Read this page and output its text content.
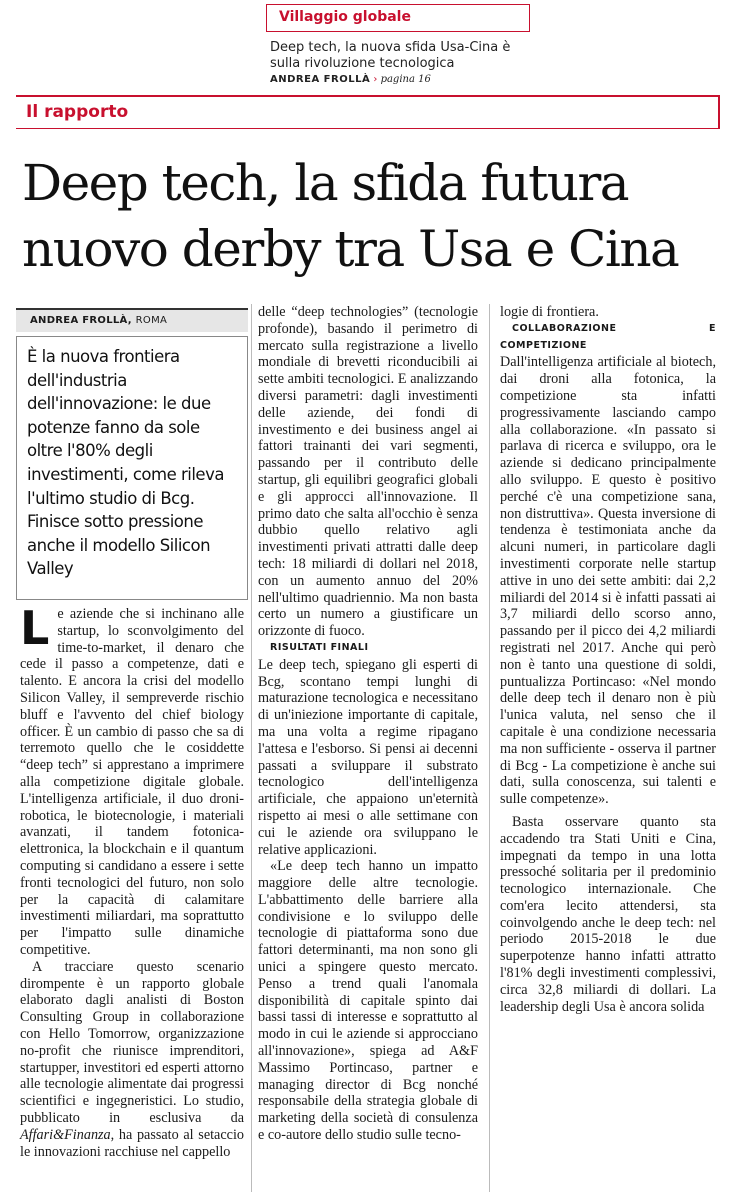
Villaggio globale
Deep tech, la nuova sfida Usa-Cina è sulla rivoluzione tecnologica
ANDREA FROLLÀ › pagina 16
Il rapporto
Deep tech, la sfida futura
nuovo derby tra Usa e Cina
ANDREA FROLLÀ, ROMA
È la nuova frontiera dell'industria dell'innovazione: le due potenze fanno da sole oltre l'80% degli investimenti, come rileva l'ultimo studio di Bcg. Finisce sotto pressione anche il modello Silicon Valley

Le aziende che si inchinano alle startup, lo sconvolgimento del time-to-market, il denaro che cede il passo a competenze, dati e talento. E ancora la crisi del modello Silicon Valley, il sempreverde rischio bluff e l'avvento del chief biology officer. È un cambio di passo che sa di terremoto quello che le cosiddette “deep tech” si apprestano a imprimere alla competizione digitale globale. L'intelligenza artificiale, il duo droni-robotica, le biotecnologie, i materiali avanzati, il tandem fotonica-elettronica, la blockchain e il quantum computing si candidano a essere i sette fronti tecnologici del futuro, non solo per la capacità di calamitare investimenti miliardari, ma soprattutto per l'impatto sulle dinamiche competitive.

A tracciare questo scenario dirompente è un rapporto globale elaborato dagli analisti di Boston Consulting Group in collaborazione con Hello Tomorrow, organizzazione no-profit che riunisce imprenditori, startupper, investitori ed esperti attorno alle tecnologie alimentate dai progressi scientifici e ingegneristici. Lo studio, pubblicato in esclusiva da Affari&Finanza, ha passato al setaccio le innovazioni racchiuse nel cappello

delle “deep technologies” (tecnologie profonde), basando il perimetro di mercato sulla registrazione a livello mondiale di brevetti riconducibili ai sette ambiti tecnologici. E analizzando diversi parametri: dagli investimenti delle aziende, dei fondi di investimento e dei business angel ai fattori trainanti dei vari segmenti, passando per il contributo delle startup, gli equilibri geografici globali e gli approcci all'innovazione. Il primo dato che salta all'occhio è senza dubbio quello relativo agli investimenti privati attratti dalle deep tech: 18 miliardi di dollari nel 2018, con un aumento annuo del 20% nell'ultimo quadriennio. Ma non basta certo un numero a giustificare un orizzonte di fuoco.

RISULTATI FINALI

Le deep tech, spiegano gli esperti di Bcg, scontano tempi lunghi di maturazione tecnologica e necessitano di un'iniezione importante di capitale, ma una volta a regime ripagano l'attesa e l'esborso. Si pensi ai decenni passati a sviluppare il substrato tecnologico dell'intelligenza artificiale, che appaiono un'eternità rispetto ai mesi o alle settimane con cui le aziende ora sviluppano le relative applicazioni.

«Le deep tech hanno un impatto maggiore delle altre tecnologie. L'abbattimento delle barriere alla condivisione e lo sviluppo delle tecnologie di piattaforma sono due fattori determinanti, ma non sono gli unici a spingere questo mercato. Penso a trend quali l'anomala disponibilità di capitale spinto dai bassi tassi di interesse e soprattutto al modo in cui le aziende si approcciano all'innovazione», spiega ad A&F Massimo Portincaso, partner e managing director di Bcg nonché responsabile della strategia globale di marketing della società di consulenza e co-autore dello studio sulle tecno-

logie di frontiera.

COLLABORAZIONE E COMPETIZIONE

Dall'intelligenza artificiale al biotech, dai droni alla fotonica, la competizione sta infatti progressivamente lasciando campo alla collaborazione. «In passato si parlava di ricerca e sviluppo, ora le aziende si dedicano principalmente allo sviluppo. E questo è positivo perché c'è una competizione sana, non distruttiva». Questa inversione di tendenza è testimoniata anche da alcuni numeri, in particolare dagli investimenti corporate nelle startup attive in uno dei sette ambiti: dai 2,2 miliardi del 2014 si è infatti passati ai 3,7 miliardi dello scorso anno, passando per il picco dei 4,2 miliardi registrati nel 2017. Anche qui però non è tanto una questione di soldi, puntualizza Portincaso: «Nel mondo delle deep tech il denaro non è più l'unica valuta, nel senso che il capitale è una condizione necessaria ma non sufficiente - osserva il partner di Bcg - La competizione è anche sui dati, sulla conoscenza, sui talenti e sulle competenze».

Basta osservare quanto sta accadendo tra Stati Uniti e Cina, impegnati da tempo in una lotta pressoché solitaria per il predominio tecnologico internazionale. Che com'era lecito attendersi, sta coinvolgendo anche le deep tech: nel periodo 2015-2018 le due superpotenze hanno infatti attratto l'81% degli investimenti complessivi, circa 32,8 miliardi di dollari. La leadership degli Usa è ancora solida
